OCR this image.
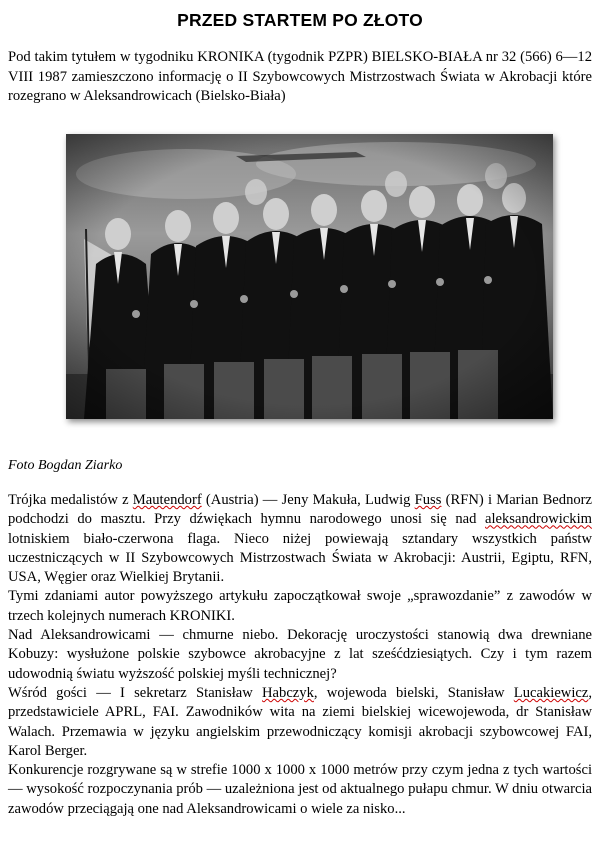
PRZED STARTEM PO ZŁOTO
Pod takim tytułem w tygodniku KRONIKA (tygodnik PZPR) BIELSKO-BIAŁA nr 32 (566) 6—12 VIII 1987 zamieszczono informację o II Szybowcowych Mistrzostwach Świata w Akrobacji które rozegrano w Aleksandrowicach (Bielsko-Biała)
Foto Bogdan Ziarko

Trójka medalistów z Mautendorf (Austria) — Jeny Makuła, Ludwig Fuss (RFN) i Marian Bednorz podchodzi do masztu. Przy dźwiękach hymnu narodowego unosi się nad aleksandrowickim lotniskiem biało-czerwona flaga. Nieco niżej powiewają sztandary wszystkich państw uczestniczących w II Szybowcowych Mistrzostwach Świata w Akrobacji: Austrii, Egiptu, RFN, USA, Węgier oraz Wielkiej Brytanii.

Tymi zdaniami autor powyższego artykułu zapoczątkował swoje „sprawozdanie” z zawodów w trzech kolejnych numerach KRONIKI.

Nad Aleksandrowicami — chmurne niebo. Dekorację uroczystości stanowią dwa drewniane Kobuzy: wysłużone polskie szybowce akrobacyjne z lat sześćdziesiątych. Czy i tym razem udowodnią światu wyższość polskiej myśli technicznej?

Wśród gości — I sekretarz Stanisław Habczyk, wojewoda bielski, Stanisław Lucakiewicz, przedstawiciele APRL, FAI. Zawodników wita na ziemi bielskiej wicewojewoda, dr Stanisław Walach. Przemawia w języku angielskim przewodniczący komisji akrobacji szybowcowej FAI, Karol Berger.

Konkurencje rozgrywane są w strefie 1000 x 1000 x 1000 metrów przy czym jedna z tych wartości — wysokość rozpoczynania prób — uzależniona jest od aktualnego pułapu chmur. W dniu otwarcia zawodów przeciągają one nad Aleksandrowicami o wiele za nisko...
